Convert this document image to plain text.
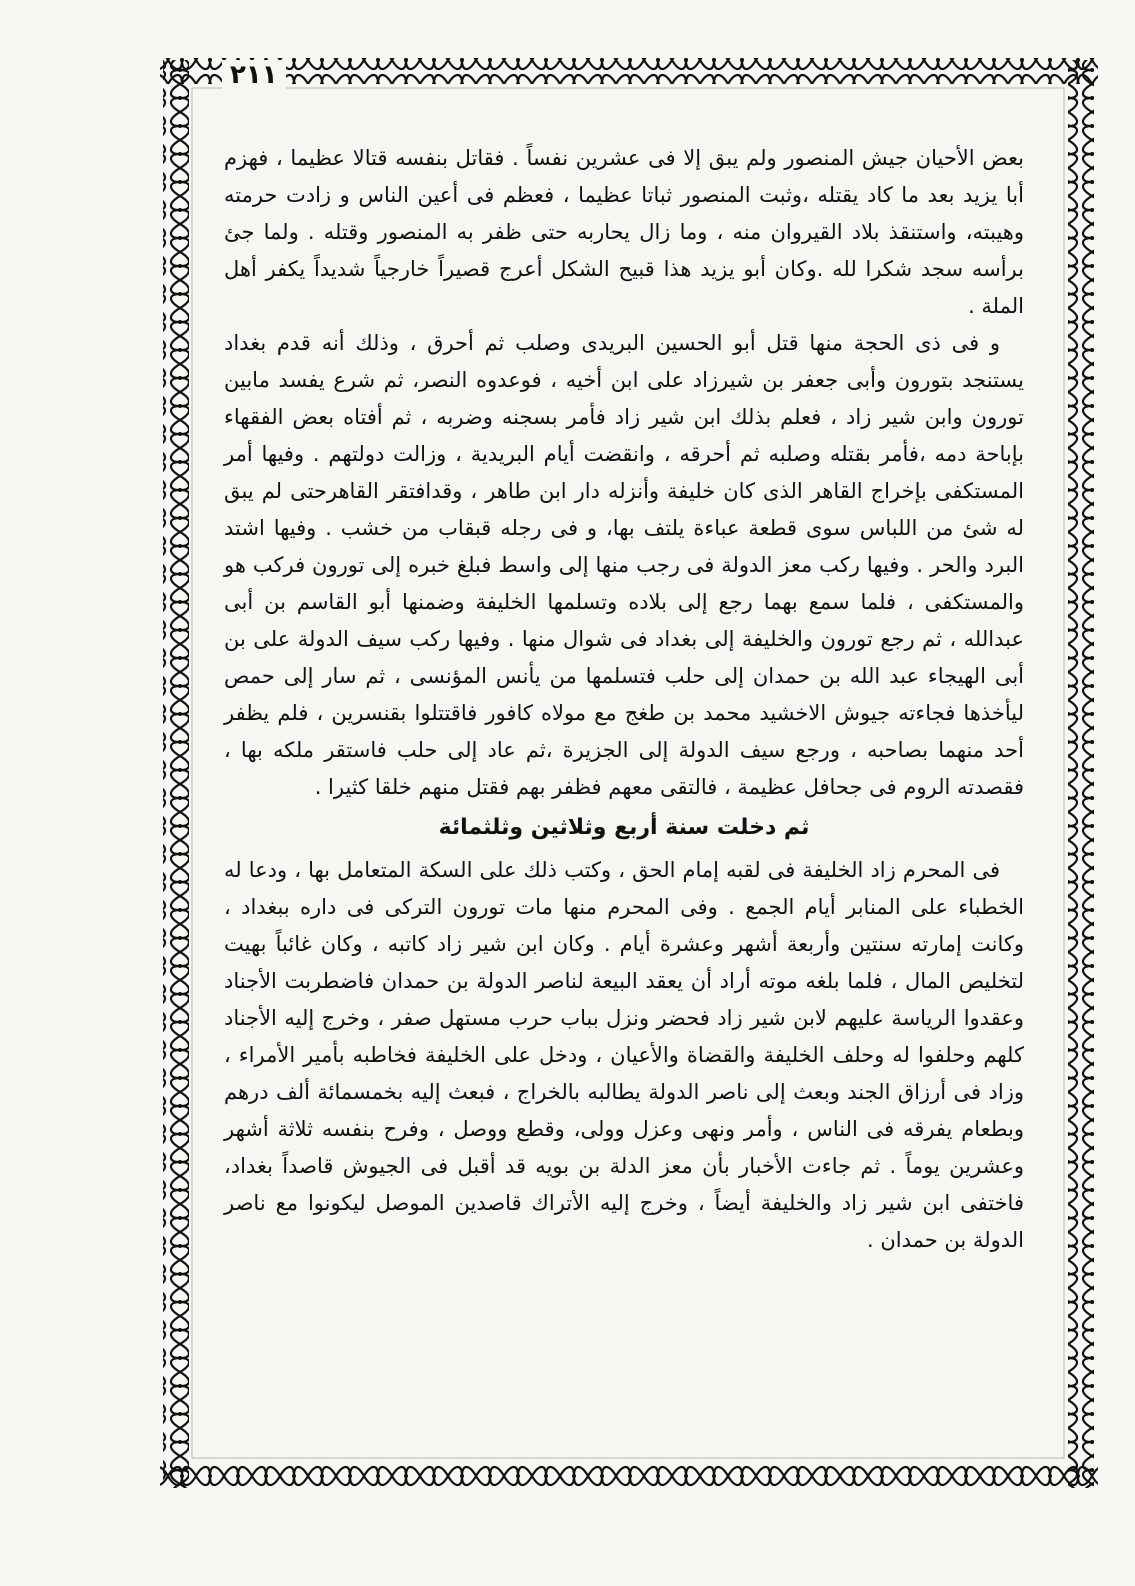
٢١١

بعض الأحيان جيش المنصور ولم يبق إلا فى عشرين نفساً . فقاتل بنفسه قتالا عظيما ، فهزم أبا يزيد بعد ما كاد يقتله ،وثبت المنصور ثباتا عظيما ، فعظم فى أعين الناس و زادت حرمته وهيبته، واستنقذ بلاد القيروان منه ، وما زال يحاربه حتى ظفر به المنصور وقتله . ولما جئ برأسه سجد شكرا لله .وكان أبو يزيد هذا قبيح الشكل أعرج قصيراً خارجياً شديداً يكفر أهل الملة .

و فى ذى الحجة منها قتل أبو الحسين البريدى وصلب ثم أحرق ، وذلك أنه قدم بغداد يستنجد بتورون وأبى جعفر بن شيرزاد على ابن أخيه ، فوعدوه النصر، ثم شرع يفسد مابين تورون وابن شير زاد ، فعلم بذلك ابن شير زاد فأمر بسجنه وضربه ، ثم أفتاه بعض الفقهاء بإباحة دمه ،فأمر بقتله وصلبه ثم أحرقه ، وانقضت أيام البريدية ، وزالت دولتهم . وفيها أمر المستكفى بإخراج القاهر الذى كان خليفة وأنزله دار ابن طاهر ، وقدافتقر القاهرحتى لم يبق له شئ من اللباس سوى قطعة عباءة يلتف بها، و فى رجله قبقاب من خشب . وفيها اشتد البرد والحر . وفيها ركب معز الدولة فى رجب منها إلى واسط فبلغ خبره إلى تورون فركب هو والمستكفى ، فلما سمع بهما رجع إلى بلاده وتسلمها الخليفة وضمنها أبو القاسم بن أبى عبدالله ، ثم رجع تورون والخليفة إلى بغداد فى شوال منها . وفيها ركب سيف الدولة على بن أبى الهيجاء عبد الله بن حمدان إلى حلب فتسلمها من يأنس المؤنسى ، ثم سار إلى حمص ليأخذها فجاءته جيوش الاخشيد محمد بن طغج مع مولاه كافور فاقتتلوا بقنسرين ، فلم يظفر أحد منهما بصاحبه ، ورجع سيف الدولة إلى الجزيرة ،ثم عاد إلى حلب فاستقر ملكه بها ، فقصدته الروم فى جحافل عظيمة ، فالتقى معهم فظفر بهم فقتل منهم خلقا كثيرا .

ثم دخلت سنة أربع وثلاثين وثلثمائة

فى المحرم زاد الخليفة فى لقبه إمام الحق ، وكتب ذلك على السكة المتعامل بها ، ودعا له الخطباء على المنابر أيام الجمع . وفى المحرم منها مات تورون التركى فى داره ببغداد ، وكانت إمارته سنتين وأربعة أشهر وعشرة أيام . وكان ابن شير زاد كاتبه ، وكان غائباً بهيت لتخليص المال ، فلما بلغه موته أراد أن يعقد البيعة لناصر الدولة بن حمدان فاضطربت الأجناد وعقدوا الرياسة عليهم لابن شير زاد فحضر ونزل بباب حرب مستهل صفر ، وخرج إليه الأجناد كلهم وحلفوا له وحلف الخليفة والقضاة والأعيان ، ودخل على الخليفة فخاطبه بأمير الأمراء ، وزاد فى أرزاق الجند وبعث إلى ناصر الدولة يطالبه بالخراج ، فبعث إليه بخمسمائة ألف درهم وبطعام يفرقه فى الناس ، وأمر ونهى وعزل وولى، وقطع ووصل ، وفرح بنفسه ثلاثة أشهر وعشرين يوماً . ثم جاءت الأخبار بأن معز الدلة بن بويه قد أقبل فى الجيوش قاصداً بغداد، فاختفى ابن شير زاد والخليفة أيضاً ، وخرج إليه الأتراك قاصدين الموصل ليكونوا مع ناصر الدولة بن حمدان .
